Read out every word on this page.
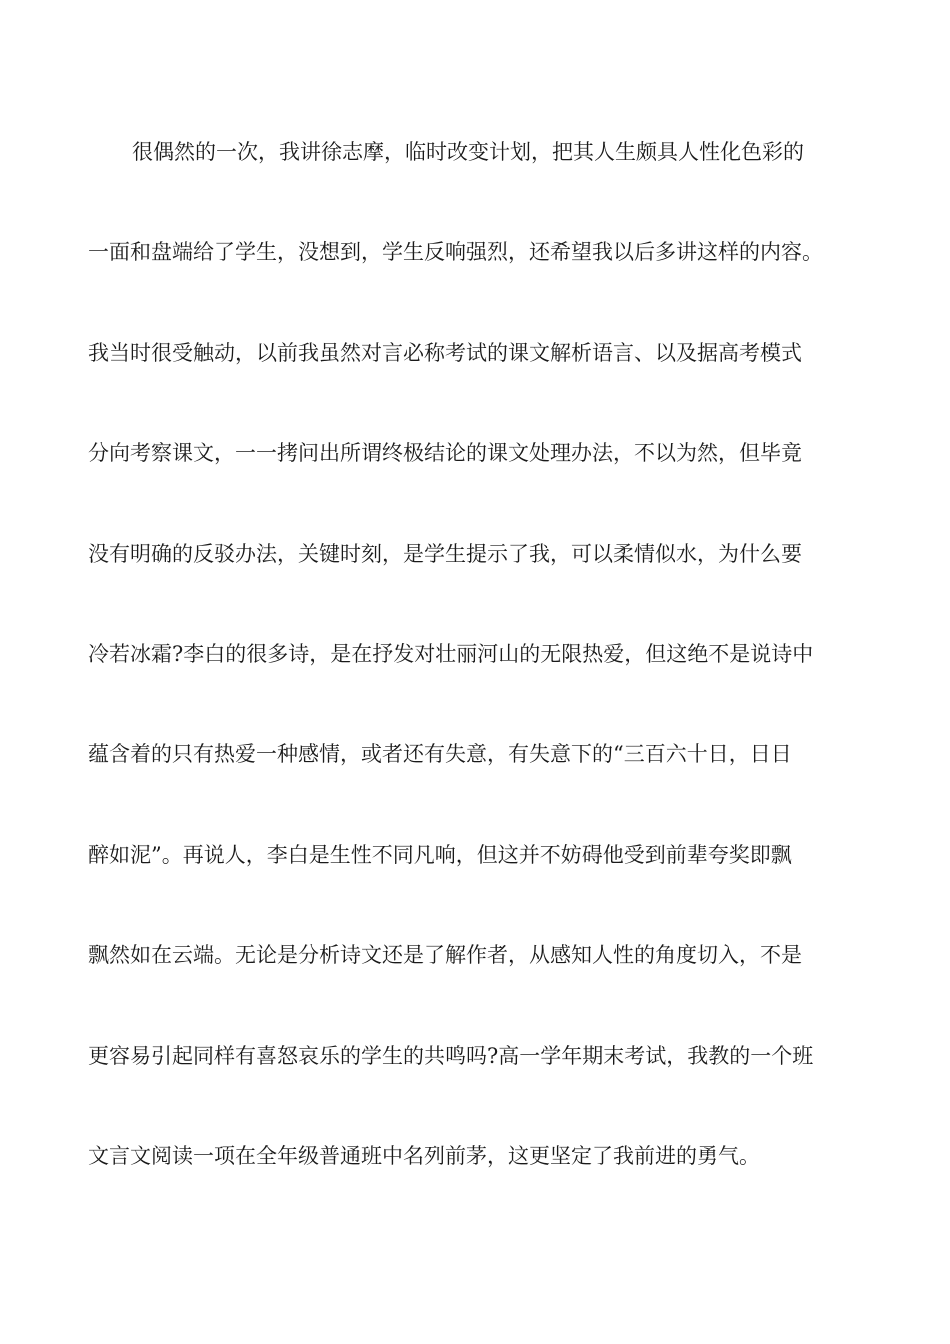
很偶然的一次，我讲徐志摩，临时改变计划，把其人生颇具人性化色彩的
一面和盘端给了学生，没想到，学生反响强烈，还希望我以后多讲这样的内容。
我当时很受触动，以前我虽然对言必称考试的课文解析语言、以及据高考模式
分向考察课文，一一拷问出所谓终极结论的课文处理办法，不以为然，但毕竟
没有明确的反驳办法，关键时刻，是学生提示了我，可以柔情似水，为什么要
冷若冰霜?李白的很多诗，是在抒发对壮丽河山的无限热爱，但这绝不是说诗中
蕴含着的只有热爱一种感情，或者还有失意，有失意下的“三百六十日，日日
醉如泥”。再说人，李白是生性不同凡响，但这并不妨碍他受到前辈夸奖即飘
飘然如在云端。无论是分析诗文还是了解作者，从感知人性的角度切入，不是
更容易引起同样有喜怒哀乐的学生的共鸣吗?高一学年期末考试，我教的一个班
文言文阅读一项在全年级普通班中名列前茅，这更坚定了我前进的勇气。
